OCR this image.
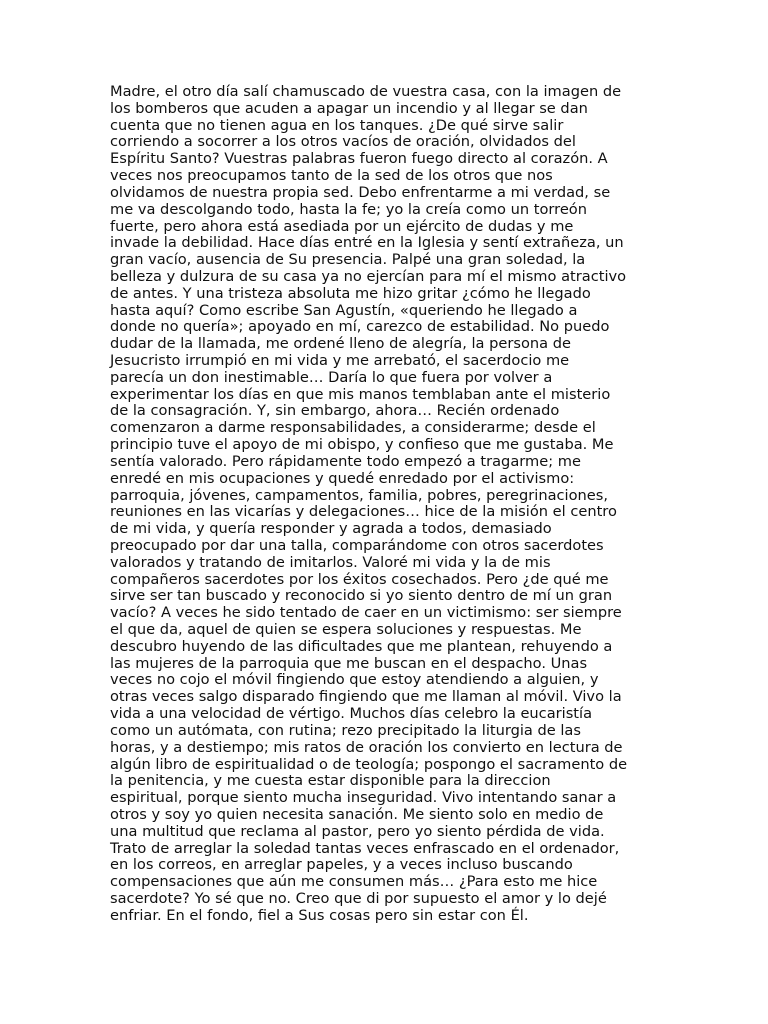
Madre, el otro día salí chamuscado de vuestra casa, con la imagen de
los bomberos que acuden a apagar un incendio y al llegar se dan
cuenta que no tienen agua en los tanques. ¿De qué sirve salir
corriendo a socorrer a los otros vacíos de oración, olvidados del
Espíritu Santo? Vuestras palabras fueron fuego directo al corazón. A
veces nos preocupamos tanto de la sed de los otros que nos
olvidamos de nuestra propia sed. Debo enfrentarme a mi verdad, se
me va descolgando todo, hasta la fe; yo la creía como un torreón
fuerte, pero ahora está asediada por un ejército de dudas y me
invade la debilidad. Hace días entré en la Iglesia y sentí extrañeza, un
gran vacío, ausencia de Su presencia. Palpé una gran soledad, la
belleza y dulzura de su casa ya no ejercían para mí el mismo atractivo
de antes. Y una tristeza absoluta me hizo gritar ¿cómo he llegado
hasta aquí? Como escribe San Agustín, «queriendo he llegado a
donde no quería»; apoyado en mí, carezco de estabilidad. No puedo
dudar de la llamada, me ordené lleno de alegría, la persona de
Jesucristo irrumpió en mi vida y me arrebató, el sacerdocio me
parecía un don inestimable… Daría lo que fuera por volver a
experimentar los días en que mis manos temblaban ante el misterio
de la consagración. Y, sin embargo, ahora… Recién ordenado
comenzaron a darme responsabilidades, a considerarme; desde el
principio tuve el apoyo de mi obispo, y confieso que me gustaba. Me
sentía valorado. Pero rápidamente todo empezó a tragarme; me
enredé en mis ocupaciones y quedé enredado por el activismo:
parroquia, jóvenes, campamentos, familia, pobres, peregrinaciones,
reuniones en las vicarías y delegaciones… hice de la misión el centro
de mi vida, y quería responder y agrada a todos, demasiado
preocupado por dar una talla, comparándome con otros sacerdotes
valorados y tratando de imitarlos. Valoré mi vida y la de mis
compañeros sacerdotes por los éxitos cosechados. Pero ¿de qué me
sirve ser tan buscado y reconocido si yo siento dentro de mí un gran
vacío? A veces he sido tentado de caer en un victimismo: ser siempre
el que da, aquel de quien se espera soluciones y respuestas. Me
descubro huyendo de las dificultades que me plantean, rehuyendo a
las mujeres de la parroquia que me buscan en el despacho. Unas
veces no cojo el móvil fingiendo que estoy atendiendo a alguien, y
otras veces salgo disparado fingiendo que me llaman al móvil. Vivo la
vida a una velocidad de vértigo. Muchos días celebro la eucaristía
como un autómata, con rutina; rezo precipitado la liturgia de las
horas, y a destiempo; mis ratos de oración los convierto en lectura de
algún libro de espiritualidad o de teología; pospongo el sacramento de
la penitencia, y me cuesta estar disponible para la direccion
espiritual, porque siento mucha inseguridad. Vivo intentando sanar a
otros y soy yo quien necesita sanación. Me siento solo en medio de
una multitud que reclama al pastor, pero yo siento pérdida de vida.
Trato de arreglar la soledad tantas veces enfrascado en el ordenador,
en los correos, en arreglar papeles, y a veces incluso buscando
compensaciones que aún me consumen más… ¿Para esto me hice
sacerdote? Yo sé que no. Creo que di por supuesto el amor y lo dejé
enfriar. En el fondo, fiel a Sus cosas pero sin estar con Él.
